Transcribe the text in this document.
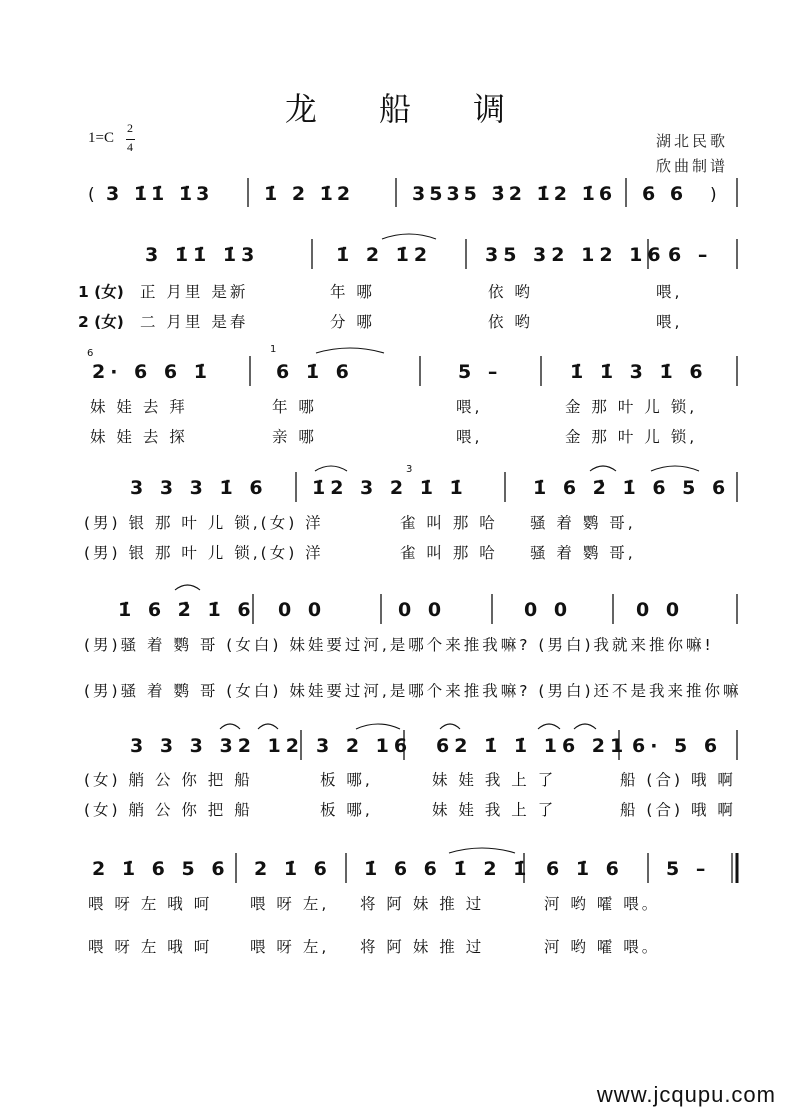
龙 船 调
1=C
2
4	湖北民歌
欣曲制谱
( 3 1̇1̇ 1̇3	1̇ 2 1̇2	3535 3̇2 1̇2 1̇6 6 6 )
3 1̇1̇ 1̇3	1̇ 2 1̇2	35 32 12 16 6 –
1 (女) 正 月里 是新	年 哪	依 哟	喂,
2 (女) 二 月里 是春	分 哪	依 哟	喂,
2· 6 6 1̇	6 1̇ 6	5 –	1̇ 1̇ 3 1̇ 6
妹 娃 去 拜	年 哪	喂,	金 那 叶 儿 锁,
妹 娃 去 探	亲 哪	喂,	金 那 叶 儿 锁,
3 3 3 1̇ 6 1̇2 3 2 1̇ 1̇	1̇ 6 2̇ 1̇ 6 5 6
(男) 银 那 叶 儿 锁,(女) 洋	雀 叫 那 哈 骚 着 鹦 哥,
(男) 银 那 叶 儿 锁,(女) 洋	雀 叫 那 哈 骚 着 鹦 哥,
1̇ 6 2̇ 1̇ 6 0 0	0 0	0 0	0 0
(男)骚 着 鹦 哥 (女白) 妹娃要过河,是哪个来推我嘛? (男白)我就来推你嘛!
(男)骚 着 鹦 哥 (女白) 妹娃要过河,是哪个来推我嘛? (男白)还不是我来推你嘛
3 3 3 32 12 3 2 16 62 1̇ 1̇ 16 21 6· 5 6
(女) 艄 公 你 把 船	板 哪,	妹 娃 我 上 了	船 (合) 哦 啊
(女) 艄 公 你 把 船	板 哪,	妹 娃 我 上 了	船 (合) 哦 啊
2 1̇ 6 5 6 2 1̇ 6 1̇ 6 6 1̇ 2 1̇ 6 1̇ 6 5 –
喂 呀 左 哦 呵 喂 呀 左, 将 阿 妹 推 过	河 哟 嚯 喂。
喂 呀 左 哦 呵 喂 呀 左, 将 阿 妹 推 过	河 哟 嚯 喂。
6	1
3
www.jcqupu.com
